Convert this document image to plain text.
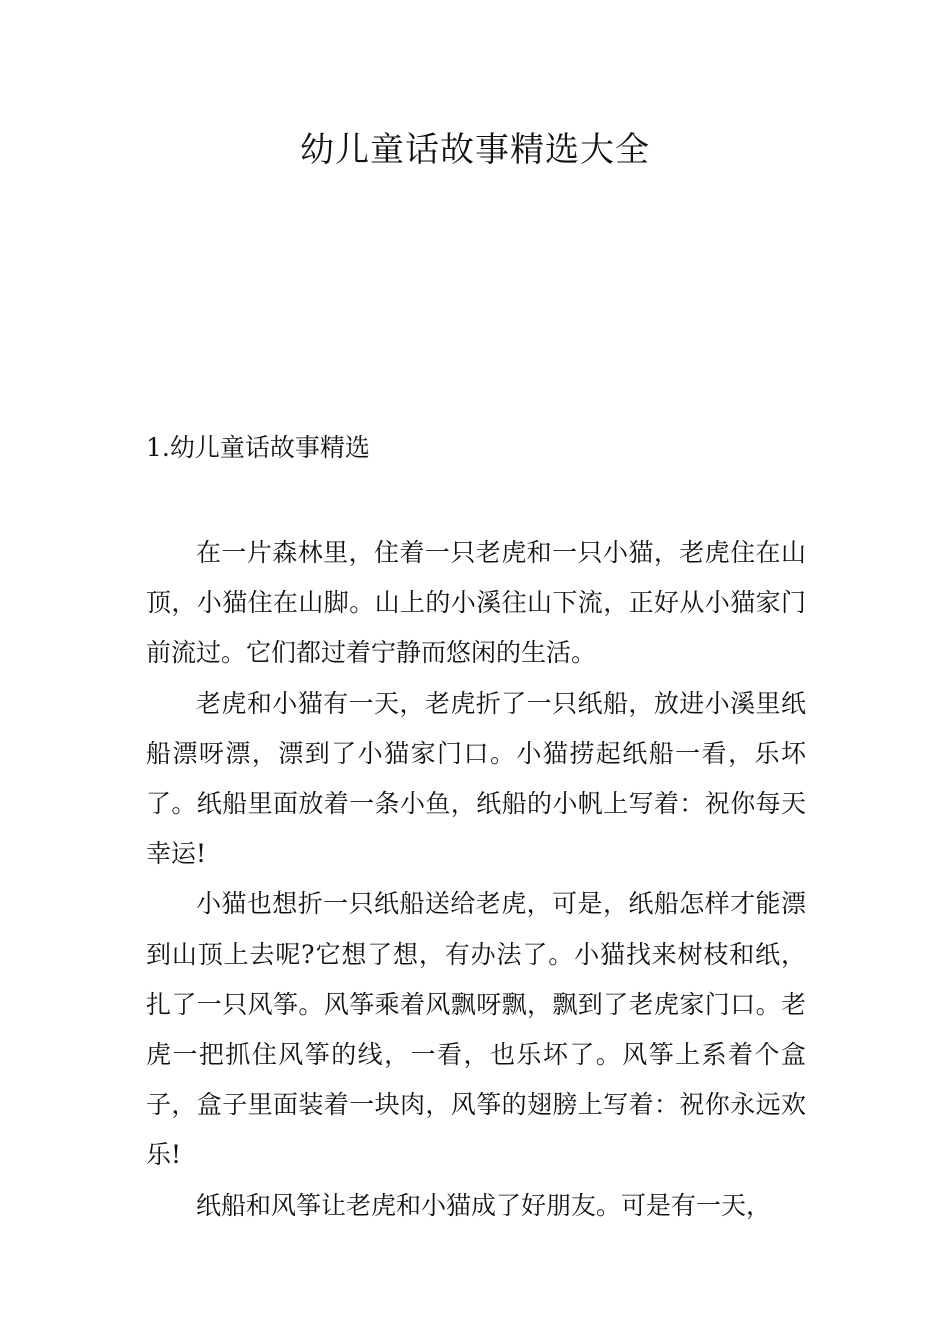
幼儿童话故事精选大全
1.幼儿童话故事精选

在一片森林里，住着一只老虎和一只小猫，老虎住在山顶，小猫住在山脚。山上的小溪往山下流，正好从小猫家门前流过。它们都过着宁静而悠闲的生活。

老虎和小猫有一天，老虎折了一只纸船，放进小溪里纸船漂呀漂，漂到了小猫家门口。小猫捞起纸船一看，乐坏了。纸船里面放着一条小鱼，纸船的小帆上写着：祝你每天幸运!

小猫也想折一只纸船送给老虎，可是，纸船怎样才能漂到山顶上去呢?它想了想，有办法了。小猫找来树枝和纸，扎了一只风筝。风筝乘着风飘呀飘，飘到了老虎家门口。老虎一把抓住风筝的线，一看，也乐坏了。风筝上系着个盒子，盒子里面装着一块肉，风筝的翅膀上写着：祝你永远欢乐!

纸船和风筝让老虎和小猫成了好朋友。可是有一天，
